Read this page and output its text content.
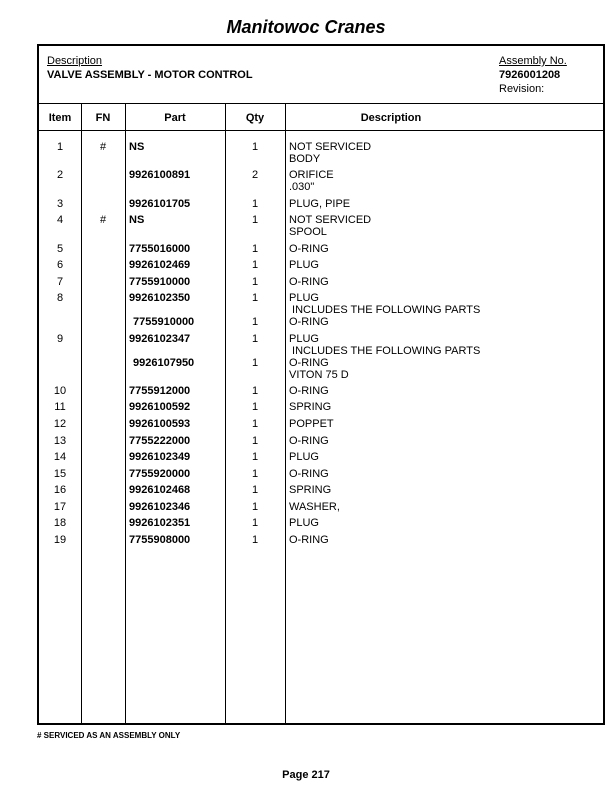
Manitowoc Cranes
Description
VALVE ASSEMBLY - MOTOR CONTROL
Assembly No.
7926001208
Revision:
Item	FN	Part	Qty	Description
1	#	NS	1	NOT SERVICED
BODY
2	9926100891	2	ORIFICE
.030"
3	9926101705	1	PLUG, PIPE
4	#	NS	1	NOT SERVICED
SPOOL
5	7755016000	1	O-RING
6	9926102469	1	PLUG
7	7755910000	1	O-RING
8	9926102350	1	PLUG
INCLUDES THE FOLLOWING PARTS
7755910000	1	O-RING
9	9926102347	1	PLUG
INCLUDES THE FOLLOWING PARTS
9926107950	1	O-RING
VITON 75 D
10	7755912000	1	O-RING
11	9926100592	1	SPRING
12	9926100593	1	POPPET
13	7755222000	1	O-RING
14	9926102349	1	PLUG
15	7755920000	1	O-RING
16	9926102468	1	SPRING
17	9926102346	1	WASHER,
18	9926102351	1	PLUG
19	7755908000	1	O-RING
# SERVICED AS AN ASSEMBLY ONLY
Page 217
